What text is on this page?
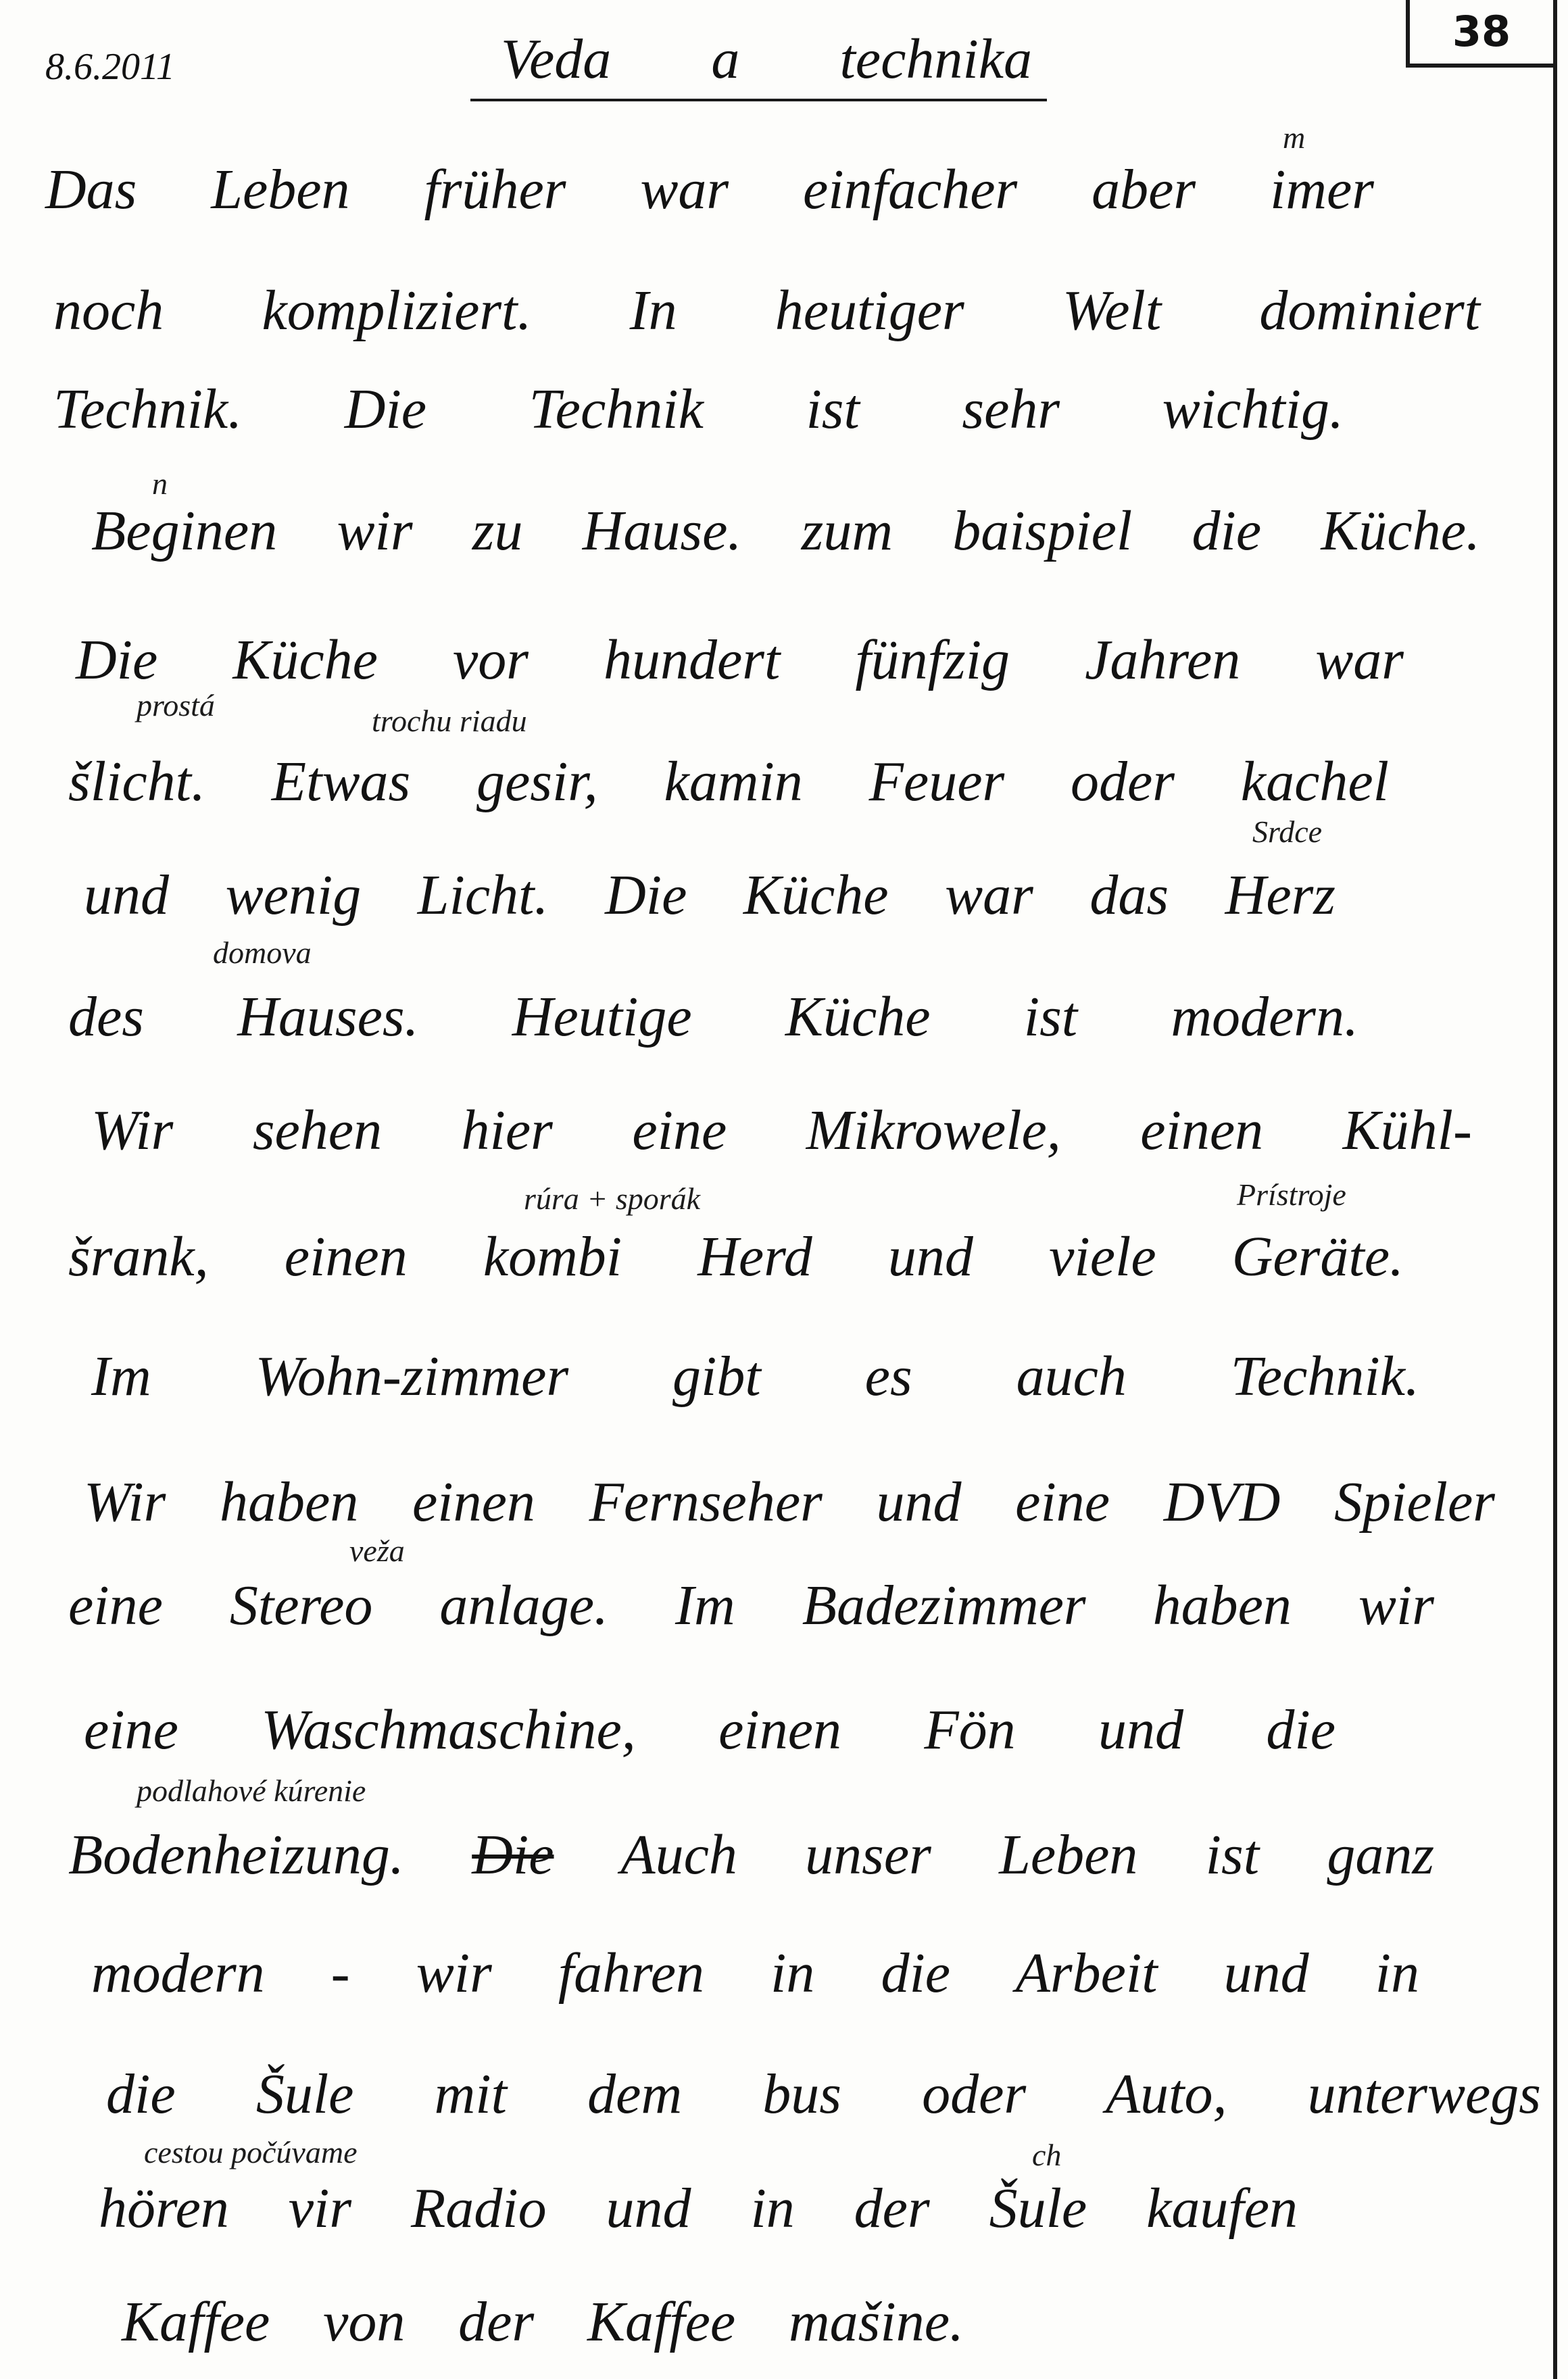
8.6.2011	Veda a technika	38
Das Leben früher war einfacher aber imer
noch kompliziert. In heutiger Welt dominiert
Technik. Die Technik ist sehr wichtig.
Beginen wir zu Hause. zum baispiel die Küche.
Die Küche vor hundert fünfzig Jahren war
šlicht. Etwas gesir, kamin Feuer oder kachel
und wenig Licht. Die Küche war das Herz
des Hauses. Heutige Küche ist modern.
Wir sehen hier eine Mikrowele, einen Kühl-
šrank, einen kombi Herd und viele Geräte.
Im Wohn-zimmer gibt es auch Technik.
Wir haben einen Fernseher und eine DVD Spieler
eine Stereo anlage. Im Badezimmer haben wir
eine Waschmaschine, einen Fön und die
Bodenheizung. Die Auch unser Leben ist ganz
modern - wir fahren in die Arbeit und in
die Šule mit dem bus oder Auto, unterwegs
hören vir Radio und in der Šule kaufen
Kaffee von der Kaffee mašine.
m
n
prostá	trochu riadu
Srdce
domova
rúra + sporák	Prístroje
veža
podlahové kúrenie
cestou počúvame	ch
